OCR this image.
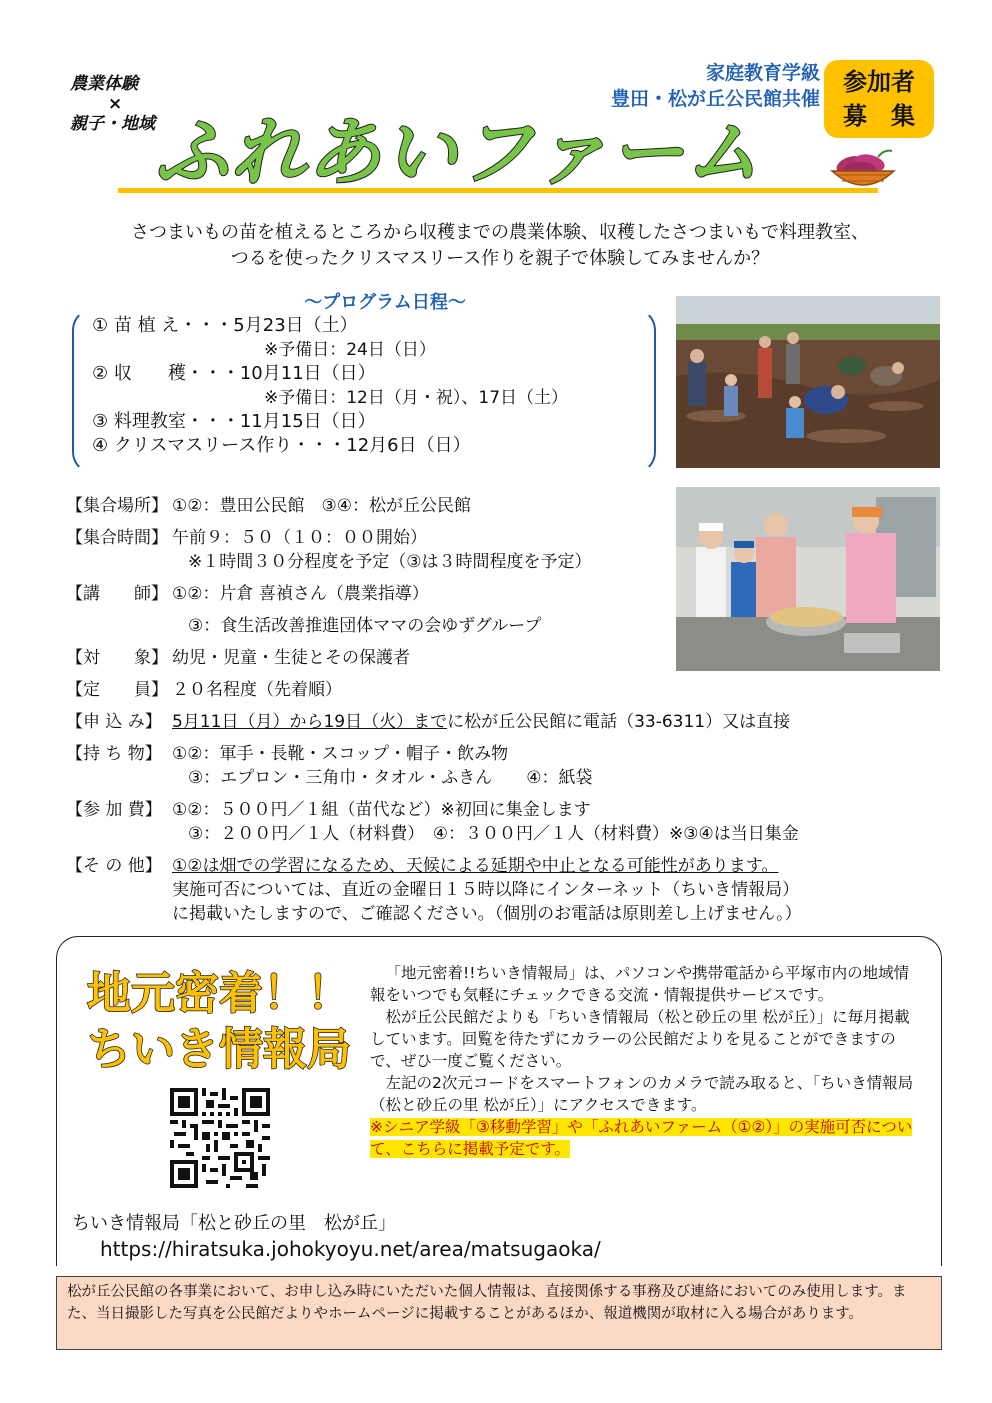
農業体験
×
親子・地域
家庭教育学級
豊田・松が丘公民館共催
参加者
募　集
ふれあいファーム

さつまいもの苗を植えるところから収穫までの農業体験、収穫したさつまいもで料理教室、

つるを使ったクリスマスリース作りを親子で体験してみませんか？

～プログラム日程～
① 苗 植 え・・・5月23日（土）
※予備日：24日（日）
② 収　　穫・・・10月11日（日）
※予備日：12日（月・祝）、17日（土）
③ 料理教室・・・11月15日（日）
④ クリスマスリース作り・・・12月6日（日）
【集合場所】 ①②：豊田公民館　③④：松が丘公民館
【集合時間】 午前９：５０（１０：００開始）
※１時間３０分程度を予定（③は３時間程度を予定）
【講　　師】 ①②：片倉 喜禎さん（農業指導）
③：食生活改善推進団体ママの会ゆずグループ
【対　　象】 幼児・児童・生徒とその保護者
【定　　員】 ２０名程度（先着順）
【申 込 み】 5月11日（月）から19日（火）までに松が丘公民館に電話（33-6311）又は直接
【持 ち 物】 ①②：軍手・長靴・スコップ・帽子・飲み物
③：エプロン・三角巾・タオル・ふきん　　④：紙袋
【参 加 費】 ①②：５００円／１組（苗代など）※初回に集金します
③：２００円／１人（材料費）　④：３００円／１人（材料費）※③④は当日集金
【そ の 他】 ①②は畑での学習になるため、天候による延期や中止となる可能性があります。
実施可否については、直近の金曜日１５時以降にインターネット（ちいき情報局）
に掲載いたしますので、ご確認ください。（個別のお電話は原則差し上げません。）
地元密着！！
ちいき情報局

「地元密着!!ちいき情報局」は、パソコンや携帯電話から平塚市内の地域情報をいつでも気軽にチェックできる交流・情報提供サービスです。

松が丘公民館だよりも「ちいき情報局（松と砂丘の里 松が丘）」に毎月掲載しています。回覧を待たずにカラーの公民館だよりを見ることができますので、ぜひ一度ご覧ください。

左記の2次元コードをスマートフォンのカメラで読み取ると、「ちいき情報局（松と砂丘の里 松が丘）」にアクセスできます。

※シニア学級「③移動学習」や「ふれあいファーム（①②）」の実施可否について、こちらに掲載予定です。

ちいき情報局「松と砂丘の里　松が丘」
https://hiratsuka.johokyoyu.net/area/matsugaoka/
松が丘公民館の各事業において、お申し込み時にいただいた個人情報は、直接関係する事務及び連絡においてのみ使用します。また、当日撮影した写真を公民館だよりやホームページに掲載することがあるほか、報道機関が取材に入る場合があります。
